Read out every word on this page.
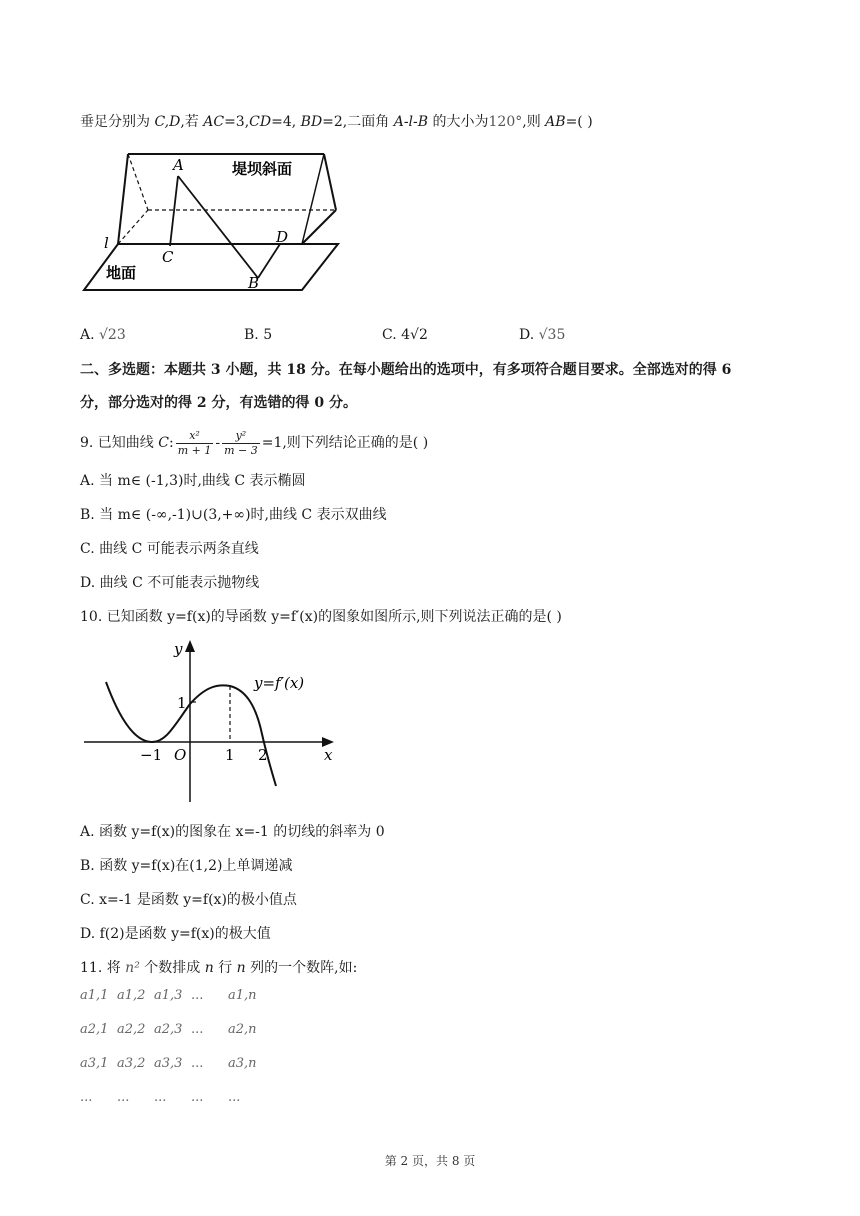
垂足分别为 C,D,若 AC=3,CD=4, BD=2,二面角 A-l-B 的大小为120°,则 AB=( )
A
C
D
B
l
堤坝斜面
地面
A. √23	B. 5	C. 4√2	D. √35
二、多选题：本题共 3 小题，共 18 分。在每小题给出的选项中，有多项符合题目要求。全部选对的得 6
分，部分选对的得 2 分，有选错的得 0 分。
9. 已知曲线 C: $\frac{\text{x²}}{m + 1} - \frac{\text{y²}}{m - 3} =1$,则下列结论正确的是( )
A. 当 m∈ (-1,3)时,曲线 C 表示椭圆
B. 当 m∈ (-∞,-1)∪(3,+∞)时,曲线 C 表示双曲线
C. 曲线 C 可能表示两条直线
D. 曲线 C 不可能表示抛物线
10. 已知函数 y=f(x)的导函数 y=f′(x)的图象如图所示,则下列说法正确的是( )
y
x
y=f′(x)
O
−1	1 2
1
A. 函数 y=f(x)的图象在 x=-1 的切线的斜率为 0
B. 函数 y=f(x)在(1,2)上单调递减
C. x=-1 是函数 y=f(x)的极小值点
D. f(2)是函数 y=f(x)的极大值
11. 将 n² 个数排成 n 行 n 列的一个数阵,如:
a1,1 a1,2 a1,3 ... a1,n
a2,1 a2,2 a2,3 ... a2,n
a3,1 a3,2 a3,3 ... a3,n
... ... ... ... ...
第 2 页，共 8 页
